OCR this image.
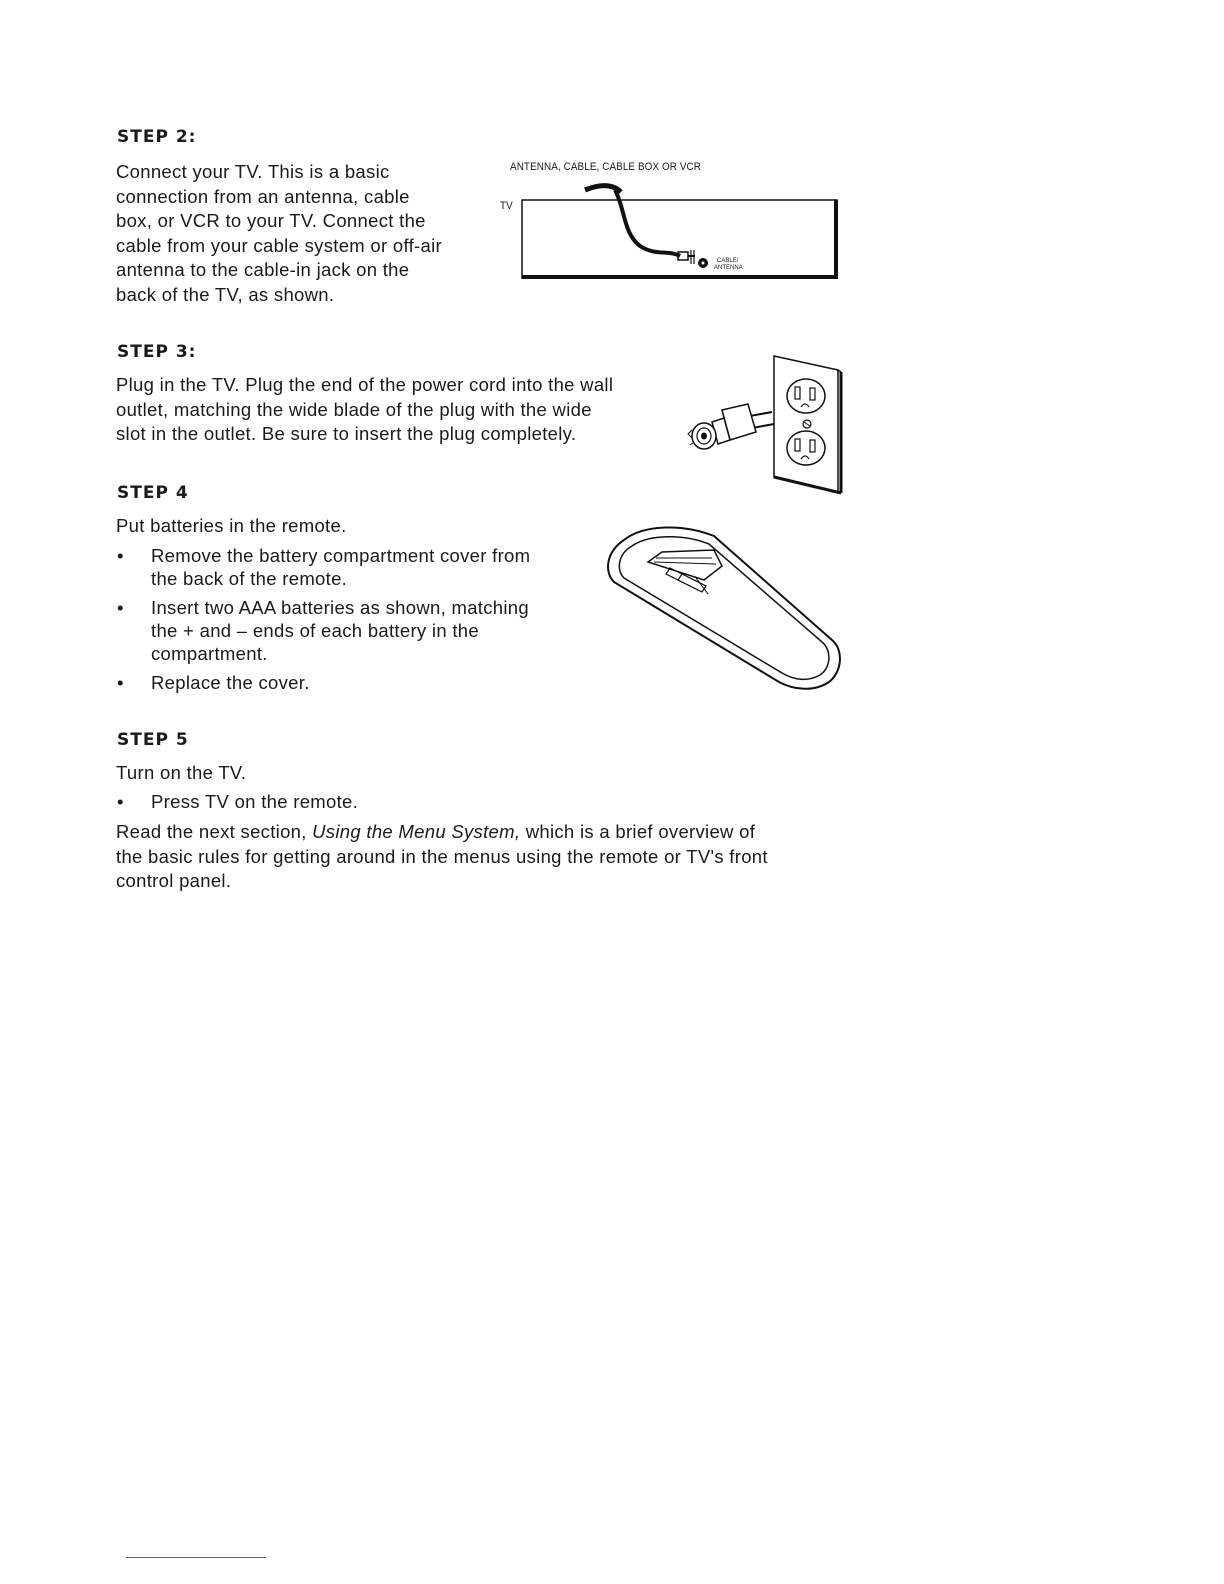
STEP 2:
Connect your TV. This is a basic
connection from an antenna, cable
box, or VCR to your TV. Connect the
cable from your cable system or off-air
antenna to the cable-in jack on the
back of the TV, as shown.
ANTENNA, CABLE, CABLE BOX OR VCR
TV
CABLE/
ANTENNA
STEP 3:
Plug in the TV. Plug the end of the power cord into the wall
outlet, matching the wide blade of the plug with the wide
slot in the outlet. Be sure to insert the plug completely.
STEP 4
Put batteries in the remote.
• Remove the battery compartment cover from
the back of the remote.
• Insert two AAA batteries as shown, matching
the + and – ends of each battery in the
compartment.
• Replace the cover.
STEP 5
Turn on the TV.
• Press TV on the remote.
Read the next section, Using the Menu System, which is a brief overview of
the basic rules for getting around in the menus using the remote or TV's front
control panel.
